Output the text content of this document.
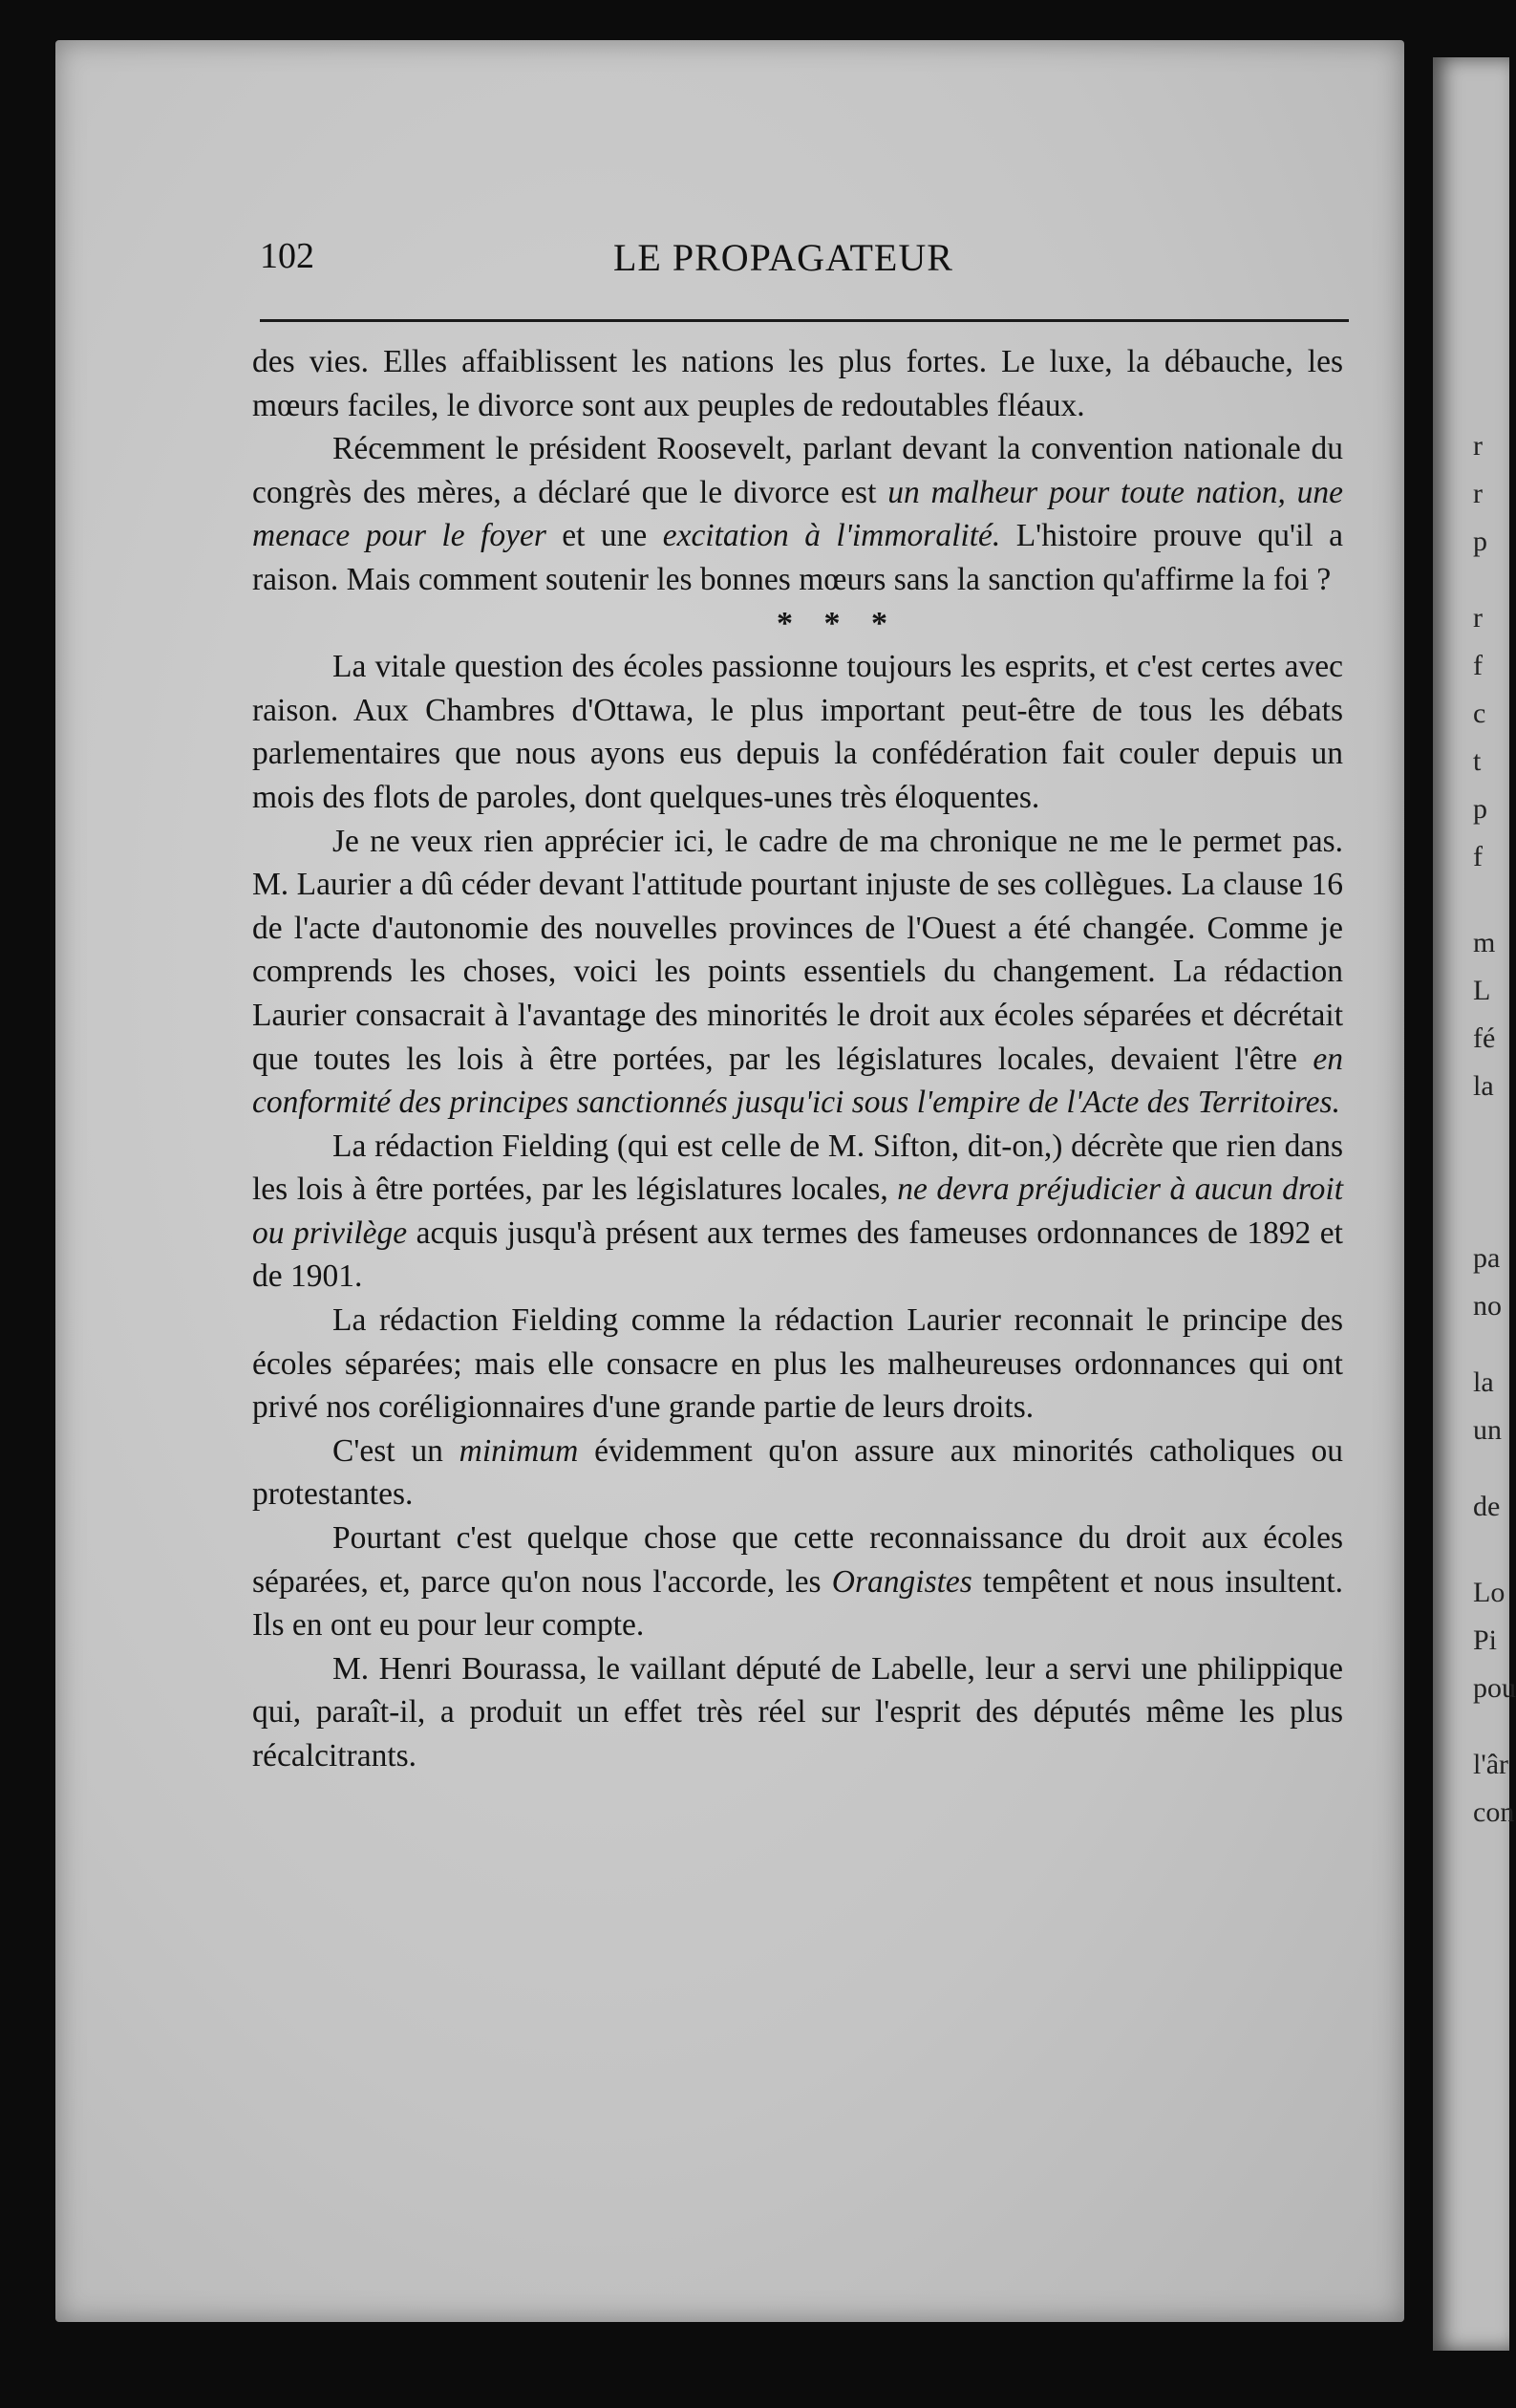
r
r
p
r
f
c
t
p
f
m
L
fé
la
pa
no
la
un
de
Lo
Pi
pou
l'âr
con
102	LE PROPAGATEUR

des vies. Elles affaiblissent les nations les plus fortes. Le luxe, la débauche, les mœurs faciles, le divorce sont aux peuples de redoutables fléaux.

Récemment le président Roosevelt, parlant devant la convention nationale du congrès des mères, a déclaré que le divorce est un malheur pour toute nation, une menace pour le foyer et une excitation à l'immoralité. L'histoire prouve qu'il a raison. Mais comment soutenir les bonnes mœurs sans la sanction qu'affirme la foi ?

* * *

La vitale question des écoles passionne toujours les esprits, et c'est certes avec raison. Aux Chambres d'Ottawa, le plus important peut-être de tous les débats parlementaires que nous ayons eus depuis la confédération fait couler depuis un mois des flots de paroles, dont quelques-unes très éloquentes.

Je ne veux rien apprécier ici, le cadre de ma chronique ne me le permet pas. M. Laurier a dû céder devant l'attitude pourtant injuste de ses collègues. La clause 16 de l'acte d'autonomie des nouvelles provinces de l'Ouest a été changée. Comme je comprends les choses, voici les points essentiels du changement. La rédaction Laurier consacrait à l'avantage des minorités le droit aux écoles séparées et décrétait que toutes les lois à être portées, par les législatures locales, devaient l'être en conformité des principes sanctionnés jusqu'ici sous l'empire de l'Acte des Territoires.

La rédaction Fielding (qui est celle de M. Sifton, dit-on,) décrète que rien dans les lois à être portées, par les législatures locales, ne devra préjudicier à aucun droit ou privilège acquis jusqu'à présent aux termes des fameuses ordonnances de 1892 et de 1901.

La rédaction Fielding comme la rédaction Laurier reconnait le principe des écoles séparées; mais elle consacre en plus les malheureuses ordonnances qui ont privé nos coréligionnaires d'une grande partie de leurs droits.

C'est un minimum évidemment qu'on assure aux minorités catholiques ou protestantes.

Pourtant c'est quelque chose que cette reconnaissance du droit aux écoles séparées, et, parce qu'on nous l'accorde, les Orangistes tempêtent et nous insultent. Ils en ont eu pour leur compte.

M. Henri Bourassa, le vaillant député de Labelle, leur a servi une philippique qui, paraît-il, a produit un effet très réel sur l'esprit des députés même les plus récalcitrants.
